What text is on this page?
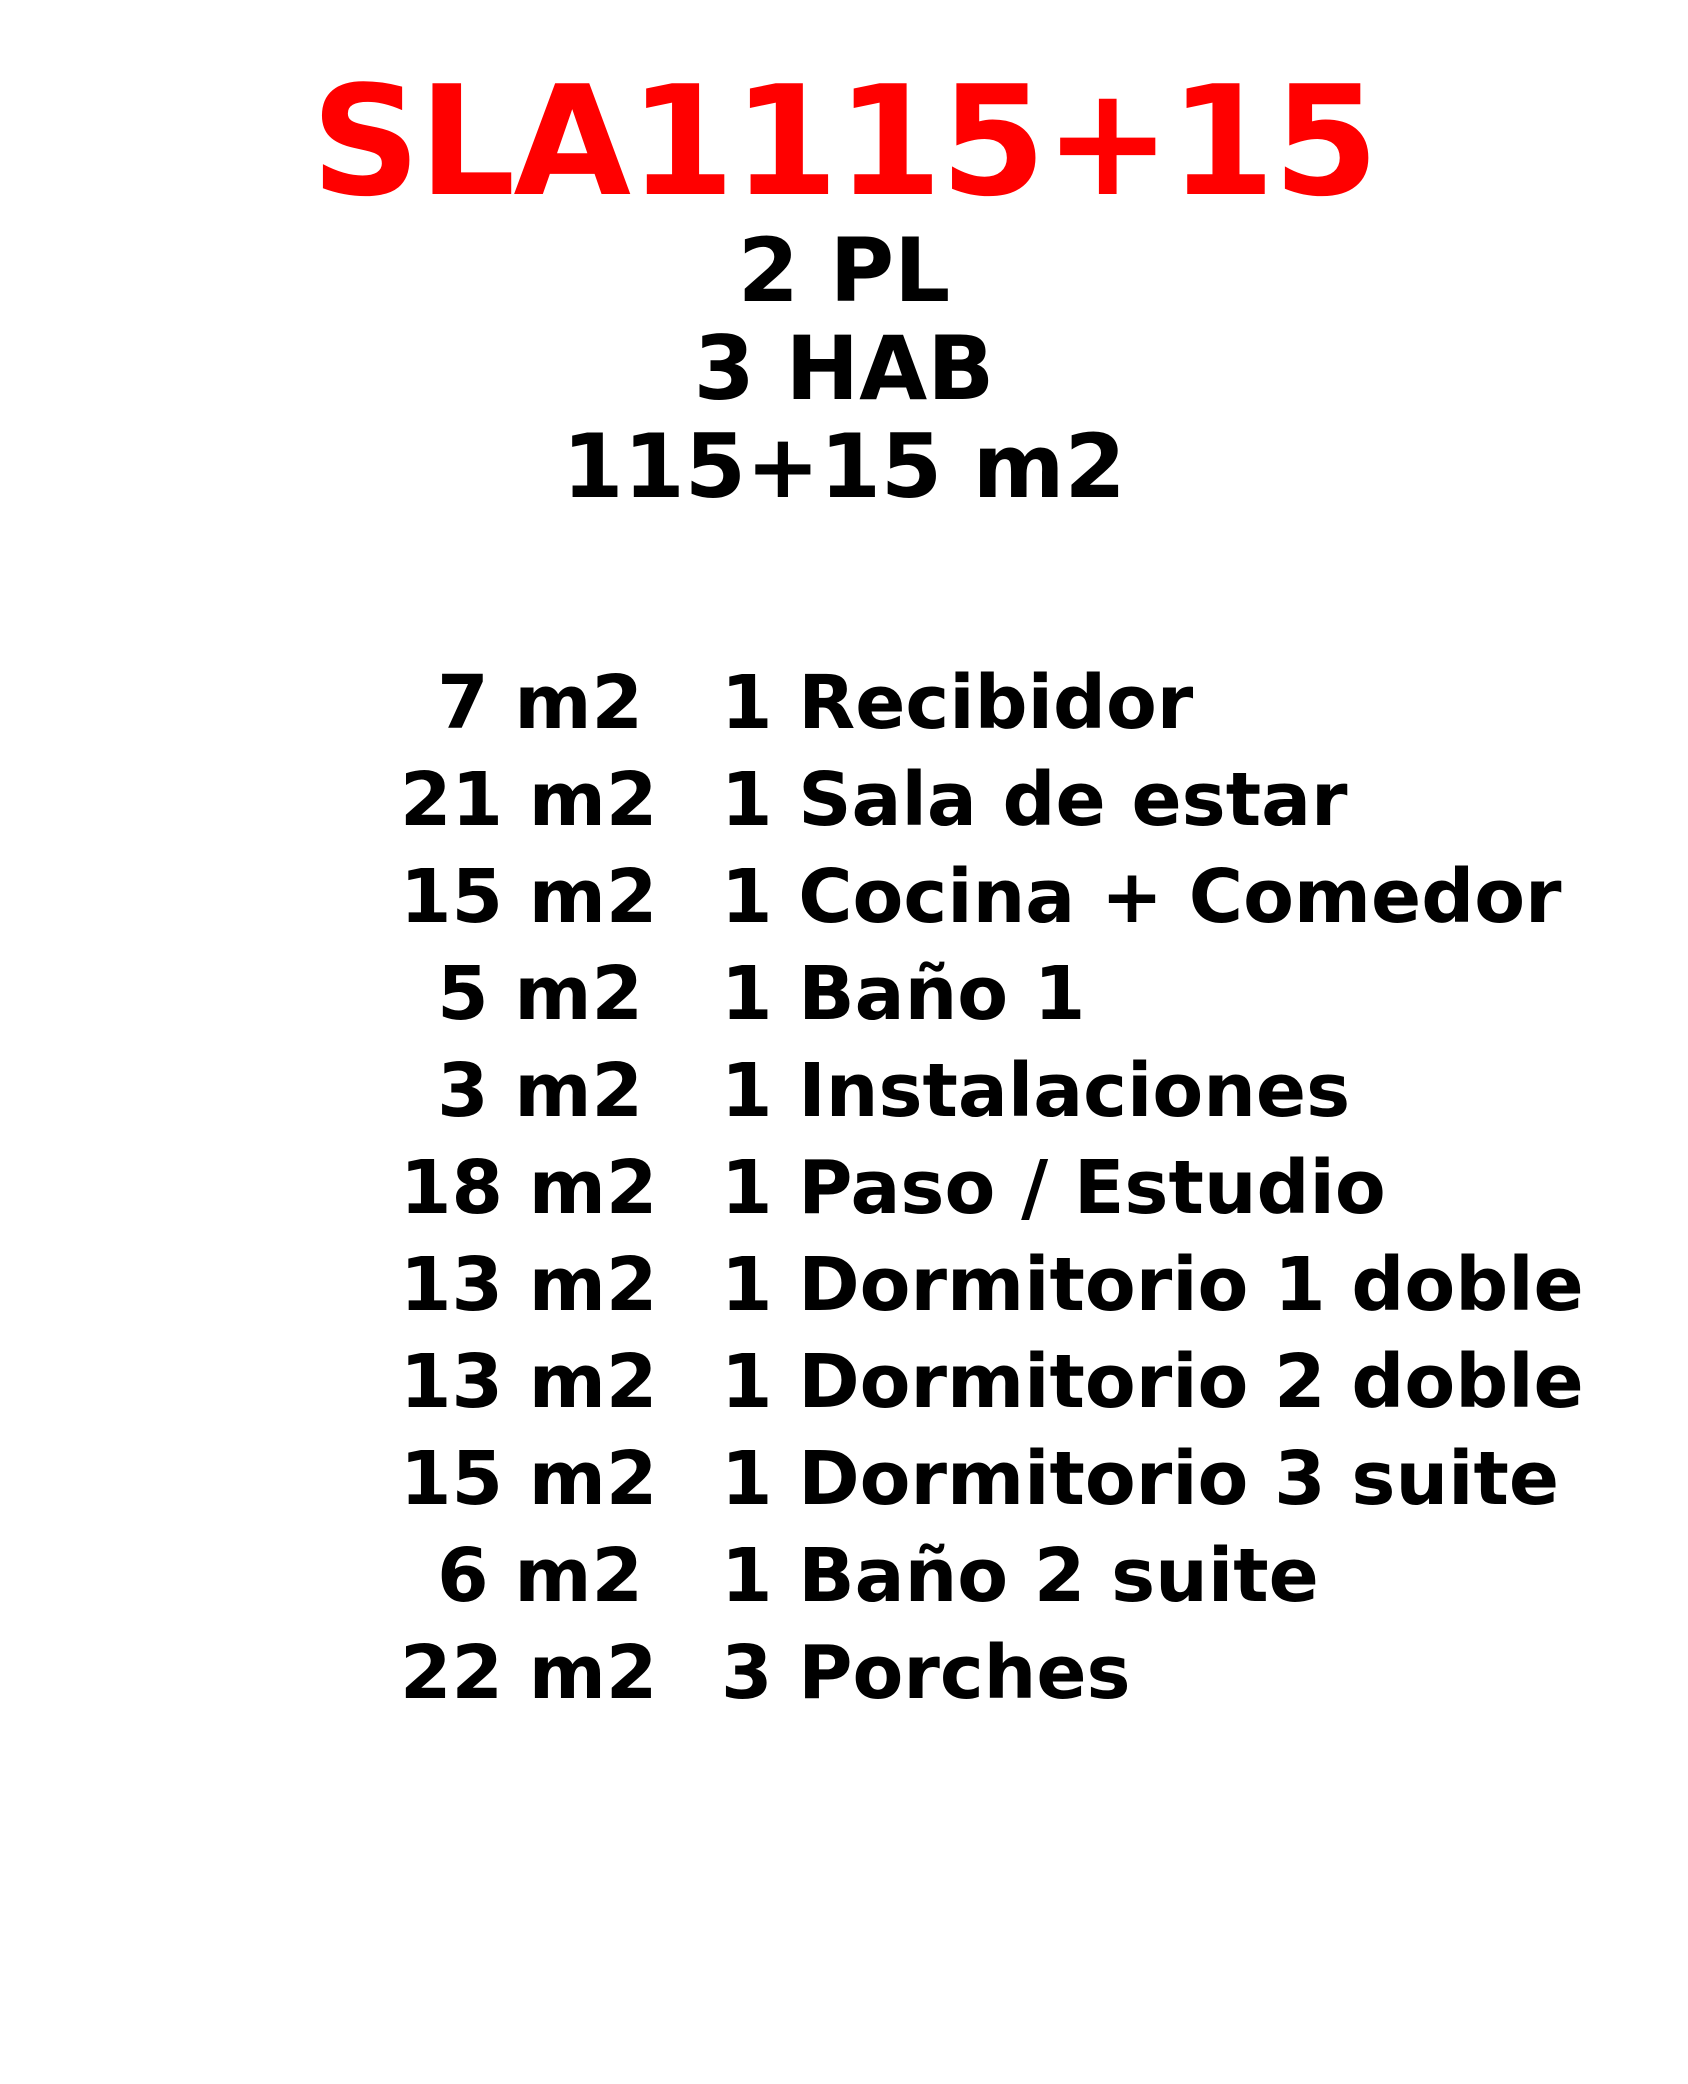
SLA1115+15
2 PL
3 HAB
115+15 m2
7 m2 1 Recibidor
21 m2 1 Sala de estar
15 m2 1 Cocina + Comedor
5 m2 1 Baño 1
3 m2 1 Instalaciones
18 m2 1 Paso / Estudio
13 m2 1 Dormitorio 1 doble
13 m2 1 Dormitorio 2 doble
15 m2 1 Dormitorio 3 suite
6 m2 1 Baño 2 suite
22 m2 3 Porches
